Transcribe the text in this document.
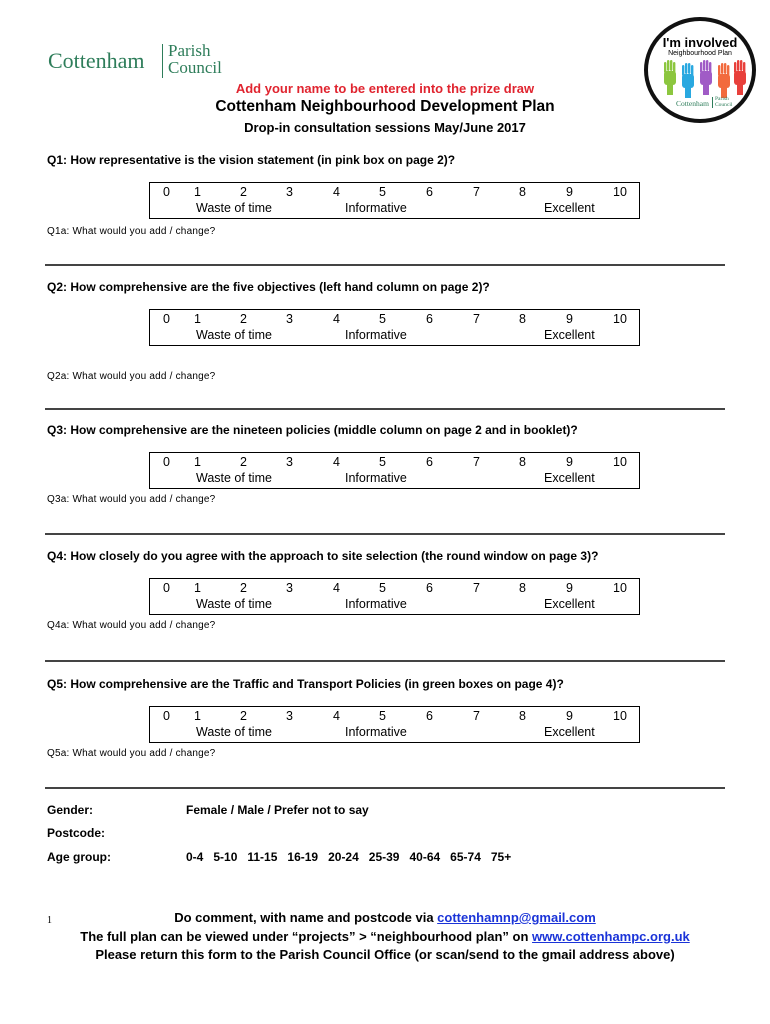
Cottenham Parish
Council
I'm involved
Neighbourhood Plan
Cottenham Parish
Council
Add your name to be entered into the prize draw
Cottenham Neighbourhood Development Plan
Drop-in consultation sessions May/June 2017
Q1: How representative is the vision statement (in pink box on page 2)?
0 1	2	3	4	5	6	7	8	9	10
Waste of time	Informative	Excellent
Q1a: What would you add / change?
Q2: How comprehensive are the five objectives (left hand column on page 2)?
0 1	2	3	4	5	6	7	8	9	10
Waste of time	Informative	Excellent
Q2a: What would you add / change?
Q3: How comprehensive are the nineteen policies (middle column on page 2 and in booklet)?
0 1	2	3	4	5	6	7	8	9	10
Waste of time	Informative	Excellent
Q3a: What would you add / change?
Q4: How closely do you agree with the approach to site selection (the round window on page 3)?
0 1	2	3	4	5	6	7	8	9	10
Waste of time	Informative	Excellent
Q4a: What would you add / change?
Q5: How comprehensive are the Traffic and Transport Policies (in green boxes on page 4)?
0 1	2	3	4	5	6	7	8	9	10
Waste of time	Informative	Excellent
Q5a: What would you add / change?
Gender:	Female / Male / Prefer not to say
Postcode:
Age group:	0-4   5-10   11-15   16-19   20-24   25-39   40-64   65-74   75+
1	Do comment, with name and postcode via cottenhamnp@gmail.com
The full plan can be viewed under “projects” > “neighbourhood plan” on www.cottenhampc.org.uk
Please return this form to the Parish Council Office (or scan/send to the gmail address above)
